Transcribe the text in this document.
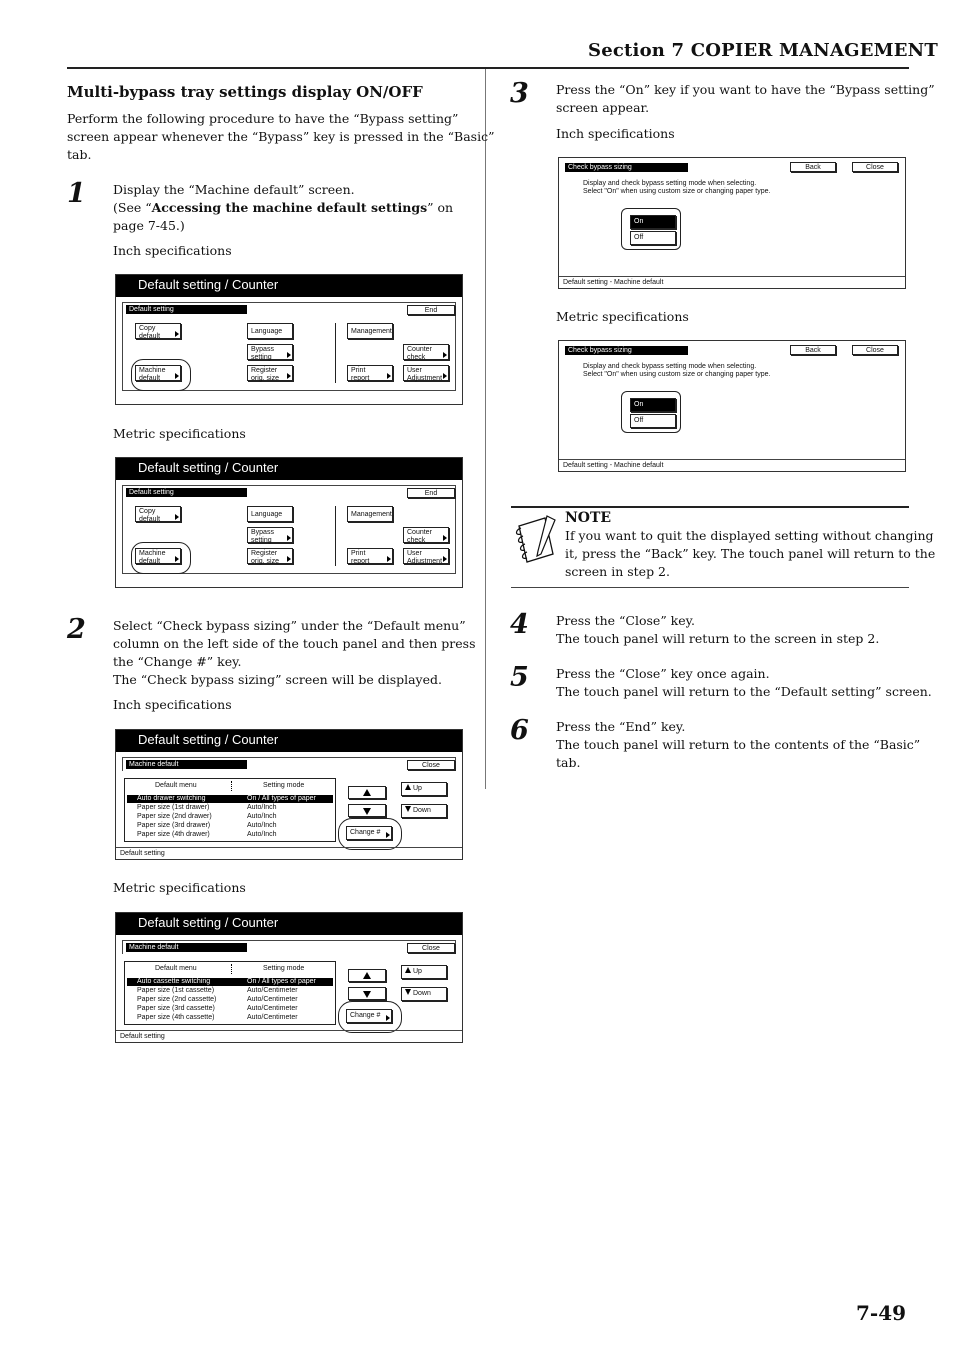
Section 7 COPIER MANAGEMENT
Multi-bypass tray settings display ON/OFF
Perform the following procedure to have the “Bypass setting”
screen appear whenever the “Bypass” key is pressed in the “Basic”
tab.
1 Display the “Machine default” screen.
(See “Accessing the machine default settings” on
page 7-45.)
Inch specifications
Default setting / Counter
Default setting	End
Copy
default
Language	Management
Bypass
setting
Counter
check
Machine
default
Register
orig. size
Print
report
User
Adjustment
Metric specifications
Default setting / Counter
Default setting	End
Copy
default
Language	Management
Bypass
setting
Counter
check
Machine
default
Register
orig. size
Print
report
User
Adjustment
2 Select “Check bypass sizing” under the “Default menu”
column on the left side of the touch panel and then press
the “Change #” key.
The “Check bypass sizing” screen will be displayed.
Inch specifications
Default setting / Counter
Machine default	Close
Default menu	Setting mode
Auto drawer switching	On / All types of paper
Paper size (1st drawer)	Auto/Inch
Paper size (2nd drawer)	Auto/Inch
Paper size (3rd drawer)	Auto/Inch
Paper size (4th drawer)	Auto/Inch
Up
Down
Change #
Default setting
Metric specifications
Default setting / Counter
Machine default	Close
Default menu	Setting mode
Auto cassette switching	On / All types of paper
Paper size (1st cassette)	Auto/Centimeter
Paper size (2nd cassette)	Auto/Centimeter
Paper size (3rd cassette)	Auto/Centimeter
Paper size (4th cassette)	Auto/Centimeter
Up
Down
Change #
Default setting
3 Press the “On” key if you want to have the “Bypass setting”
screen appear.
Inch specifications
Check bypass sizing	Back	Close
Display and check bypass setting mode when selecting.
Select "On" when using custom size or changing paper type.
On
Off
Default setting - Machine default
Metric specifications
Check bypass sizing	Back	Close
Display and check bypass setting mode when selecting.
Select "On" when using custom size or changing paper type.
On
Off
Default setting - Machine default
NOTE
If you want to quit the displayed setting without changing
it, press the “Back” key. The touch panel will return to the
screen in step 2.
4 Press the “Close” key.
The touch panel will return to the screen in step 2.
5 Press the “Close” key once again.
The touch panel will return to the “Default setting” screen.
6 Press the “End” key.
The touch panel will return to the contents of the “Basic”
tab.
7-49
